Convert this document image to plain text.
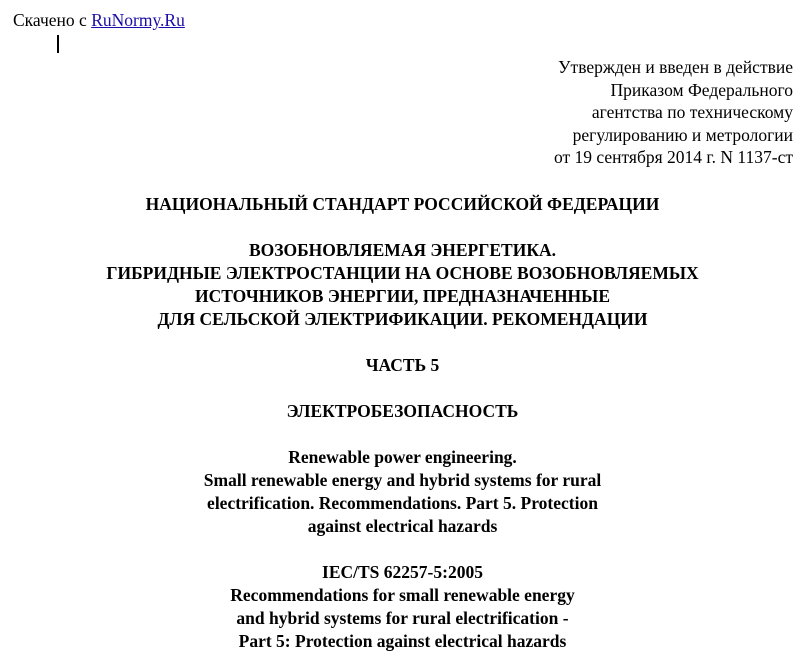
Скачено с RuNormy.Ru
Утвержден и введен в действие
Приказом Федерального
агентства по техническому
регулированию и метрологии
от 19 сентября 2014 г. N 1137-ст
НАЦИОНАЛЬНЫЙ СТАНДАРТ РОССИЙСКОЙ ФЕДЕРАЦИИ
ВОЗОБНОВЛЯЕМАЯ ЭНЕРГЕТИКА.
ГИБРИДНЫЕ ЭЛЕКТРОСТАНЦИИ НА ОСНОВЕ ВОЗОБНОВЛЯЕМЫХ
ИСТОЧНИКОВ ЭНЕРГИИ, ПРЕДНАЗНАЧЕННЫЕ
ДЛЯ СЕЛЬСКОЙ ЭЛЕКТРИФИКАЦИИ. РЕКОМЕНДАЦИИ
ЧАСТЬ 5
ЭЛЕКТРОБЕЗОПАСНОСТЬ
Renewable power engineering.
Small renewable energy and hybrid systems for rural
electrification. Recommendations. Part 5. Protection
against electrical hazards
IEC/TS 62257-5:2005
Recommendations for small renewable energy
and hybrid systems for rural electrification -
Part 5: Protection against electrical hazards
